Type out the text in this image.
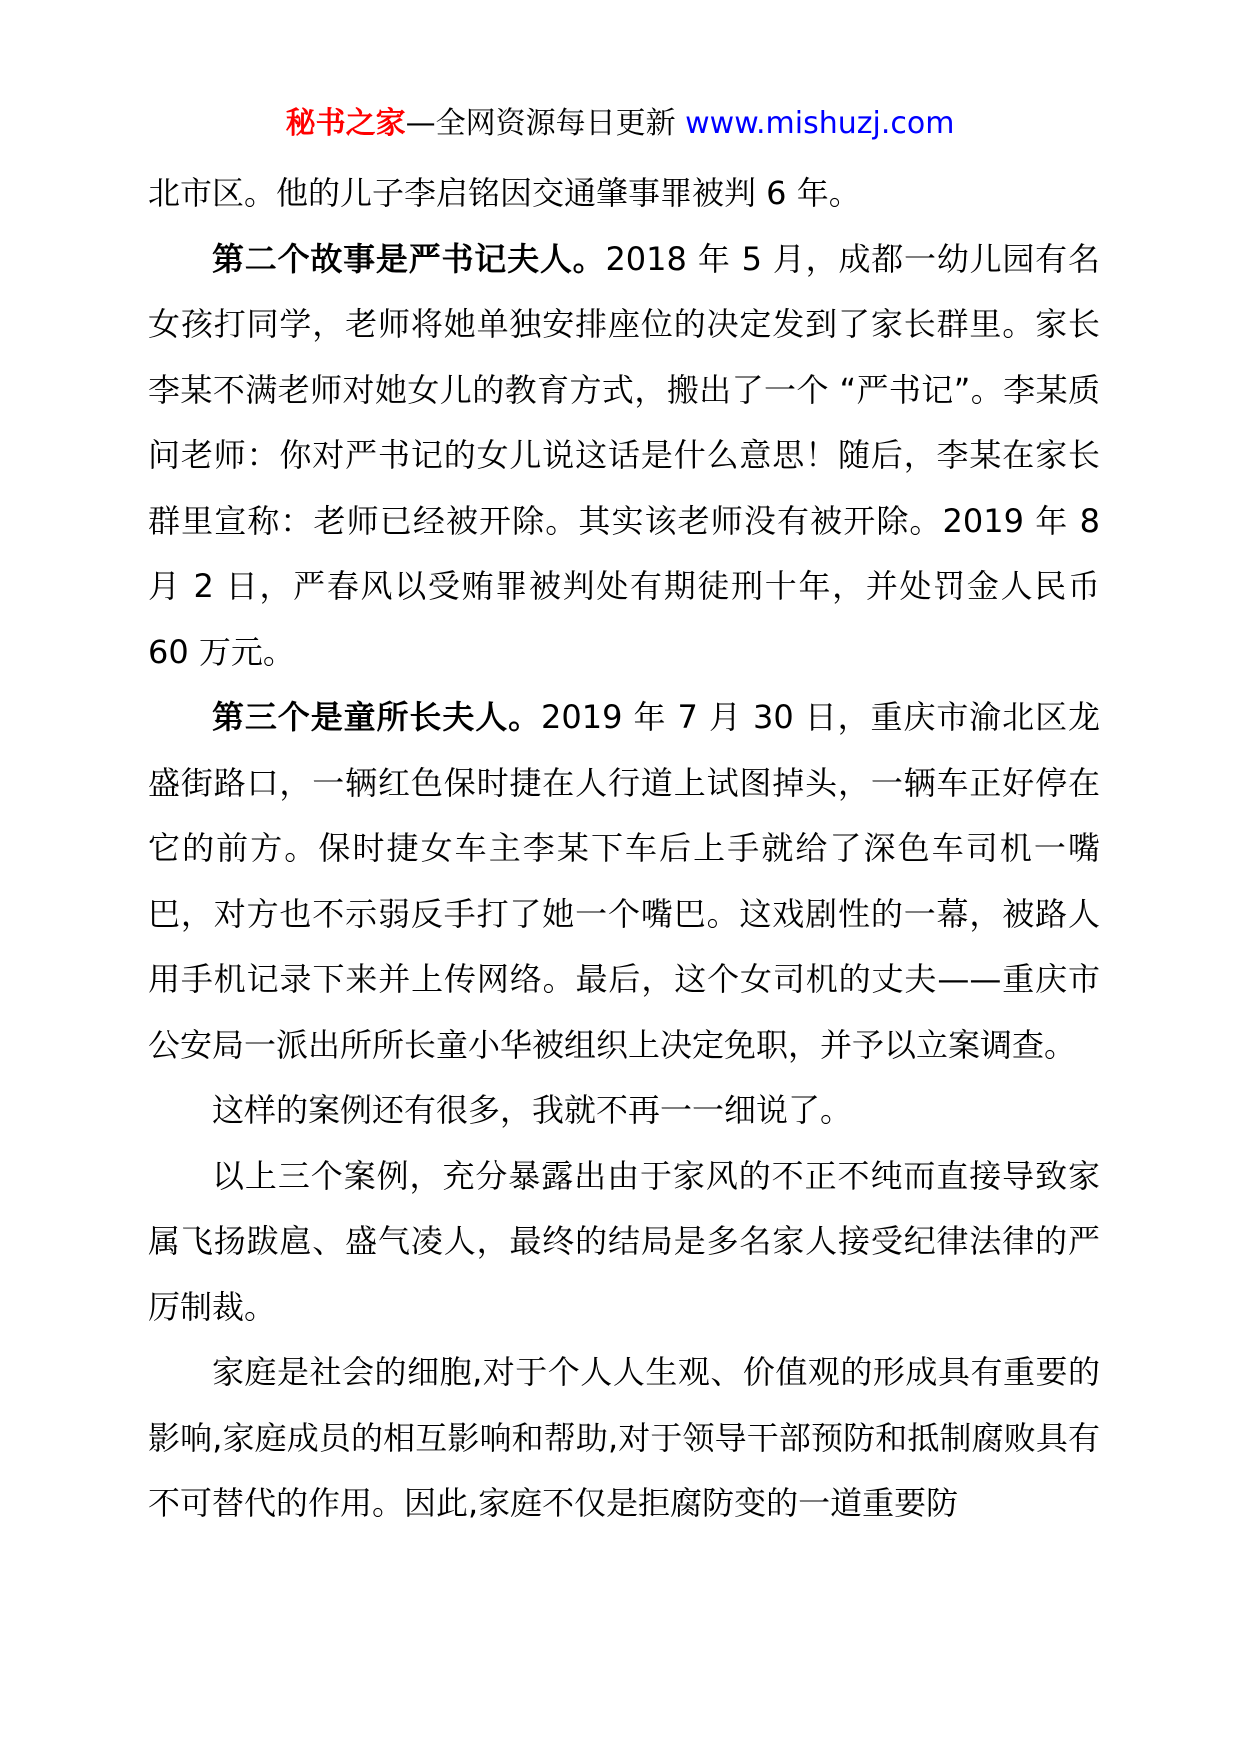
秘书之家—全网资源每日更新 www.mishuzj.com

北市区。他的儿子李启铭因交通肇事罪被判 6 年。

第二个故事是严书记夫人。2018 年 5 月，成都一幼儿园有名女孩打同学，老师将她单独安排座位的决定发到了家长群里。家长李某不满老师对她女儿的教育方式，搬出了一个 “严书记”。李某质问老师：你对严书记的女儿说这话是什么意思！随后，李某在家长群里宣称：老师已经被开除。其实该老师没有被开除。2019 年 8 月 2 日，严春风以受贿罪被判处有期徒刑十年，并处罚金人民币 60 万元。

第三个是童所长夫人。2019 年 7 月 30 日，重庆市渝北区龙盛街路口，一辆红色保时捷在人行道上试图掉头，一辆车正好停在它的前方。保时捷女车主李某下车后上手就给了深色车司机一嘴巴，对方也不示弱反手打了她一个嘴巴。这戏剧性的一幕，被路人用手机记录下来并上传网络。最后，这个女司机的丈夫——重庆市公安局一派出所所长童小华被组织上决定免职，并予以立案调查。

这样的案例还有很多，我就不再一一细说了。

以上三个案例，充分暴露出由于家风的不正不纯而直接导致家属飞扬跋扈、盛气凌人，最终的结局是多名家人接受纪律法律的严厉制裁。

家庭是社会的细胞,对于个人人生观、价值观的形成具有重要的影响,家庭成员的相互影响和帮助,对于领导干部预防和抵制腐败具有不可替代的作用。因此,家庭不仅是拒腐防变的一道重要防
